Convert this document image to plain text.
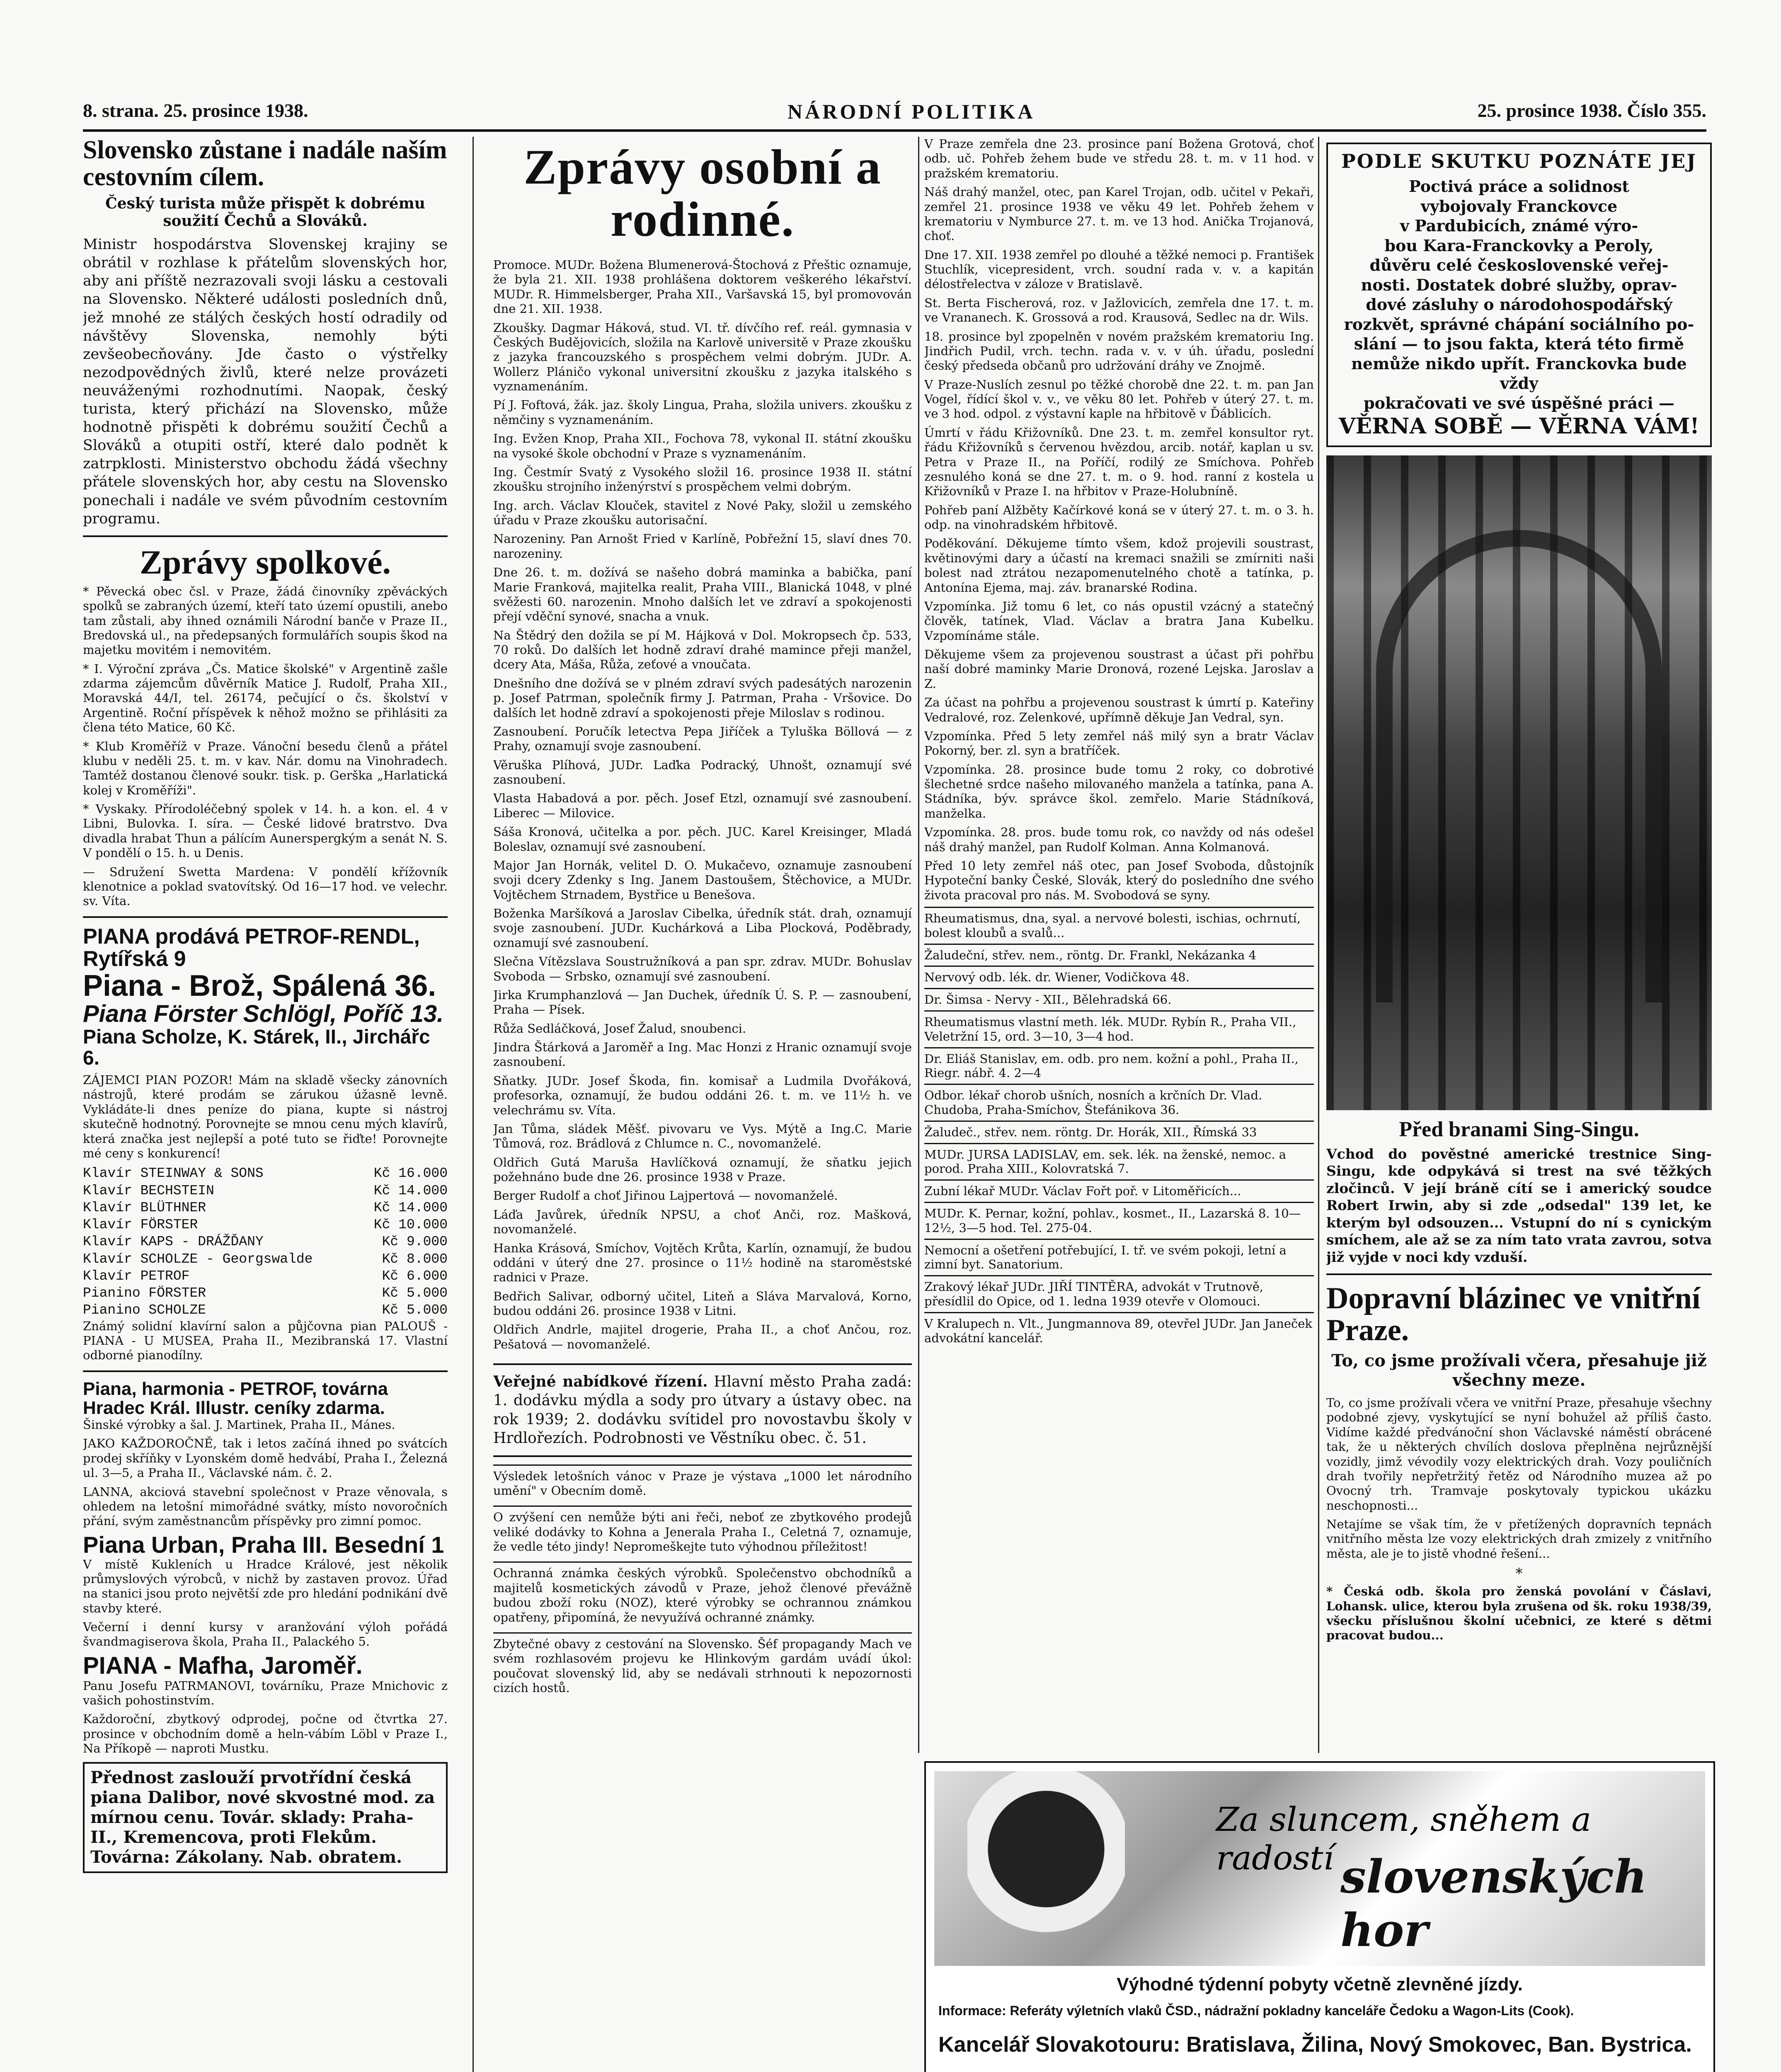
8. strana. 25. prosince 1938.	NÁRODNÍ POLITIKA	25. prosince 1938. Číslo 355.
Slovensko zůstane i nadále naším cestovním cílem.
Český turista může přispět k dobrému soužití Čechů a Slováků.

Ministr hospodárstva Slovenskej krajiny se obrátil v rozhlase k přátelům slovenských hor, aby ani příště nezrazovali svoji lásku a cestovali na Slovensko. Některé události posledních dnů, jež mnohé ze stálých českých hostí odradily od návštěvy Slovenska, nemohly býti zevšeobecňovány. Jde často o výstřelky nezodpovědných živlů, které nelze provázeti neuváženými rozhodnutími. Naopak, český turista, který přichází na Slovensko, může hodnotně přispěti k dobrému soužití Čechů a Slováků a otupiti ostří, které dalo podnět k zatrpklosti. Ministerstvo obchodu žádá všechny přátele slovenských hor, aby cestu na Slovensko ponechali i nadále ve svém původním cestovním programu.

Zprávy spolkové.

* Pěvecká obec čsl. v Praze, žádá činovníky zpěváckých spolků se zabraných území, kteří tato území opustili, anebo tam zůstali, aby ihned oznámili Národní banče v Praze II., Bredovská ul., na předepsaných formulářích soupis škod na majetku movitém i nemovitém.

* I. Výroční zpráva „Čs. Matice školské" v Argentině zašle zdarma zájemcům důvěrník Matice J. Rudolf, Praha XII., Moravská 44/I, tel. 26174, pečující o čs. školství v Argentině. Roční příspěvek k něhož možno se přihlásiti za člena této Matice, 60 Kč.

* Klub Kroměříž v Praze. Vánoční besedu členů a přátel klubu v neděli 25. t. m. v kav. Nár. domu na Vinohradech. Tamtéž dostanou členové soukr. tisk. p. Gerška „Harlatická kolej v Kroměříži".

* Vyskaky. Přírodoléčebný spolek v 14. h. a kon. el. 4 v Libni, Bulovka. I. síra. — České lidové bratrstvo. Dva divadla hrabat Thun a pálícím Aunerspergkým a senát N. S. V pondělí o 15. h. u Denis.

— Sdružení Swetta Mardena: V pondělí křížovník klenotnice a poklad svatovítský. Od 16—17 hod. ve velechr. sv. Víta.

PIANA prodává PETROF-RENDL, Rytířská 9
Piana - Brož, Spálená 36.
Piana Förster Schlögl, Poříč 13.
Piana Scholze, K. Stárek, II., Jirchářc 6.

ZÁJEMCI PIAN POZOR! Mám na skladě všecky zánovních nástrojů, které prodám se zárukou úžasně levně. Vykládáte-li dnes peníze do piana, kupte si nástroj skutečně hodnotný. Porovnejte se mnou cenu mých klavírů, která značka jest nejlepší a poté tuto se řiďte! Porovnejte mé ceny s konkurencí!

Klavír STEINWAY & SONS	Kč 16.000
Klavír BECHSTEIN	Kč 14.000
Klavír BLÜTHNER	Kč 14.000
Klavír FÖRSTER	Kč 10.000
Klavír KAPS - DRÁŽĎANY	Kč 9.000
Klavír SCHOLZE - Georgswalde	Kč 8.000
Klavír PETROF	Kč 6.000
Pianino FÖRSTER	Kč 5.000
Pianino SCHOLZE	Kč 5.000

Známý solidní klavírní salon a půjčovna pian PALOUŠ - PIANA - U MUSEA, Praha II., Mezibranská 17. Vlastní odborné pianodílny.

Piana, harmonia - PETROF, továrna Hradec Král. Illustr. ceníky zdarma.

Šinské výrobky a šal. J. Martinek, Praha II., Mánes.

JAKO KAŽDOROČNĚ, tak i letos začíná ihned po svátcích prodej skříňky v Lyonském domě hedvábí, Praha I., Železná ul. 3—5, a Praha II., Václavské nám. č. 2.

LANNA, akciová stavební společnost v Praze věnovala, s ohledem na letošní mimořádné svátky, místo novoročních přání, svým zaměstnancům příspěvky pro zimní pomoc.

Piana Urban, Praha III. Besední 1

V místě Kukleních u Hradce Králové, jest několik průmyslových výrobců, v nichž by zastaven provoz. Úřad na stanici jsou proto největší zde pro hledání podnikání dvě stavby které.

Večerní i denní kursy v aranžování výloh pořádá švandmagiserova škola, Praha II., Palackého 5.

PIANA - Mafha, Jaroměř.

Panu Josefu PATRMANOVI, továrníku, Praze Mnichovic z vašich pohostinstvím.

Každoroční, zbytkový odprodej, počne od čtvrtka 27. prosince v obchodním domě a heln-vábím Löbl v Praze I., Na Příkopě — naproti Mustku.

Přednost zaslouží prvotřídní česká piana Dalibor, nové skvostné mod. za mírnou cenu. Továr. sklady: Praha-II., Kremencova, proti Flekům. Továrna: Zákolany. Nab. obratem.
Zprávy osobní a rodinné.

Promoce. MUDr. Božena Blumenerová-Štochová z Přeštic oznamuje, že byla 21. XII. 1938 prohlášena doktorem veškerého lékařství. MUDr. R. Himmelsberger, Praha XII., Varšavská 15, byl promovován dne 21. XII. 1938.

Zkoušky. Dagmar Háková, stud. VI. tř. dívčího ref. reál. gymnasia v Českých Budějovicích, složila na Karlově universitě v Praze zkoušku z jazyka francouzského s prospěchem velmi dobrým. JUDr. A. Wollerz Pláničo vykonal universitní zkoušku z jazyka italského s vyznamenáním.

Pí J. Foftová, žák. jaz. školy Lingua, Praha, složila univers. zkoušku z němčiny s vyznamenáním.

Ing. Evžen Knop, Praha XII., Fochova 78, vykonal II. státní zkoušku na vysoké škole obchodní v Praze s vyznamenáním.

Ing. Čestmír Svatý z Vysokého složil 16. prosince 1938 II. státní zkoušku strojního inženýrství s prospěchem velmi dobrým.

Ing. arch. Václav Klouček, stavitel z Nové Paky, složil u zemského úřadu v Praze zkoušku autorisační.

Narozeniny. Pan Arnošt Fried v Karlíně, Pobřežní 15, slaví dnes 70. narozeniny.

Dne 26. t. m. dožívá se našeho dobrá maminka a babička, paní Marie Franková, majitelka realit, Praha VIII., Blanická 1048, v plné svěžesti 60. narozenin. Mnoho dalších let ve zdraví a spokojenosti přejí vděční synové, snacha a vnuk.

Na Štědrý den dožila se pí M. Hájková v Dol. Mokropsech čp. 533, 70 roků. Do dalších let hodně zdraví drahé mamince přeji manžel, dcery Ata, Máša, Růža, zeťové a vnoučata.

Dnešního dne dožívá se v plném zdraví svých padesátých narozenin p. Josef Patrman, společník firmy J. Patrman, Praha - Vršovice. Do dalších let hodně zdraví a spokojenosti přeje Miloslav s rodinou.

Zasnoubení. Poručík letectva Pepa Jiříček a Tyluška Böllová — z Prahy, oznamují svoje zasnoubení.

Věruška Plíhová, JUDr. Laďka Podracký, Uhnošt, oznamují své zasnoubení.

Vlasta Habadová a por. pěch. Josef Etzl, oznamují své zasnoubení. Liberec — Milovice.

Sáša Kronová, učitelka a por. pěch. JUC. Karel Kreisinger, Mladá Boleslav, oznamují své zasnoubení.

Major Jan Hornák, velitel D. O. Mukačevo, oznamuje zasnoubení svoji dcery Zdenky s Ing. Janem Dastoušem, Štěchovice, a MUDr. Vojtěchem Strnadem, Bystřice u Benešova.

Boženka Maršíková a Jaroslav Cibelka, úředník stát. drah, oznamují svoje zasnoubení. JUDr. Kuchárková a Liba Plocková, Poděbrady, oznamují své zasnoubení.

Slečna Vítězslava Soustružníková a pan spr. zdrav. MUDr. Bohuslav Svoboda — Srbsko, oznamují své zasnoubení.

Jirka Krumphanzlová — Jan Duchek, úředník Ú. S. P. — zasnoubení, Praha — Písek.

Růža Sedláčková, Josef Žalud, snoubenci.

Jindra Štárková a Jaroměř a Ing. Mac Honzi z Hranic oznamují svoje zasnoubení.

Sňatky. JUDr. Josef Škoda, fin. komisař a Ludmila Dvořáková, profesorka, oznamují, že budou oddáni 26. t. m. ve 11½ h. ve velechrámu sv. Víta.

Jan Tůma, sládek Měšť. pivovaru ve Vys. Mýtě a Ing.C. Marie Tůmová, roz. Brádlová z Chlumce n. C., novomanželé.

Oldřich Gutá Maruša Havlíčková oznamují, že sňatku jejich požehnáno bude dne 26. prosince 1938 v Praze.

Berger Rudolf a choť Jiřinou Lajpertová — novomanželé.

Láďa Javůrek, úředník NPSU, a choť Anči, roz. Mašková, novomanželé.

Hanka Krásová, Smíchov, Vojtěch Krůta, Karlín, oznamují, že budou oddáni v úterý dne 27. prosince o 11½ hodině na staroměstské radnici v Praze.

Bedřich Salivar, odborný učitel, Liteň a Sláva Marvalová, Korno, budou oddáni 26. prosince 1938 v Litni.

Oldřich Andrle, majitel drogerie, Praha II., a choť Ančou, roz. Pešatová — novomanželé.

Veřejné nabídkové řízení. Hlavní město Praha zadá: 1. dodávku mýdla a sody pro útvary a ústavy obec. na rok 1939; 2. dodávku svítidel pro novostavbu školy v Hrdlořezích. Podrobnosti ve Věstníku obec. č. 51.

Výsledek letošních vánoc v Praze je výstava „1000 let národního umění" v Obecním domě.

O zvýšení cen nemůže býti ani řeči, neboť ze zbytkového prodejů veliké dodávky to Kohna a Jenerala Praha I., Celetná 7, oznamuje, že vedle této jindy! Nepromeškejte tuto výhodnou příležitost!

Ochranná známka českých výrobků. Společenstvo obchodníků a majitelů kosmetických závodů v Praze, jehož členové převážně budou zboží roku (NOZ), které výrobky se ochrannou známkou opatřeny, připomíná, že nevyužívá ochranné známky.

Zbytečné obavy z cestování na Slovensko. Šéf propagandy Mach ve svém rozhlasovém projevu ke Hlinkovým gardám uvádí úkol: poučovat slovenský lid, aby se nedávali strhnouti k nepozornosti cizích hostů.

V Praze zemřela dne 23. prosince paní Božena Grotová, choť odb. uč. Pohřeb žehem bude ve středu 28. t. m. v 11 hod. v pražském krematoriu.

Náš drahý manžel, otec, pan Karel Trojan, odb. učitel v Pekaři, zemřel 21. prosince 1938 ve věku 49 let. Pohřeb žehem v krematoriu v Nymburce 27. t. m. ve 13 hod. Anička Trojanová, choť.

Dne 17. XII. 1938 zemřel po dlouhé a těžké nemoci p. František Stuchlík, vicepresident, vrch. soudní rada v. v. a kapitán délostřelectva v záloze v Bratislavě.

St. Berta Fischerová, roz. v Jažlovicích, zemřela dne 17. t. m. ve Vrananech. K. Grossová a rod. Krausová, Sedlec na dr. Wils.

18. prosince byl zpopelněn v novém pražském krematoriu Ing. Jindřich Pudil, vrch. techn. rada v. v. v úh. úřadu, poslední český předseda občanů pro udržování dráhy ve Znojmě.

V Praze-Nuslích zesnul po těžké chorobě dne 22. t. m. pan Jan Vogel, řídící škol v. v., ve věku 80 let. Pohřeb v úterý 27. t. m. ve 3 hod. odpol. z výstavní kaple na hřbitově v Ďáblicích.

Úmrtí v řádu Křižovníků. Dne 23. t. m. zemřel konsultor ryt. řádu Křižovníků s červenou hvězdou, arcib. notář, kaplan u sv. Petra v Praze II., na Poříčí, rodilý ze Smíchova. Pohřeb zesnulého koná se dne 27. t. m. o 9. hod. ranní z kostela u Křižovníků v Praze I. na hřbitov v Praze-Holubníně.

Pohřeb paní Alžběty Kačírkové koná se v úterý 27. t. m. o 3. h. odp. na vinohradském hřbitově.

Poděkování. Děkujeme tímto všem, kdož projevili soustrast, květinovými dary a účastí na kremaci snažili se zmírniti naši bolest nad ztrátou nezapomenutelného chotě a tatínka, p. Antonína Ejema, maj. záv. branarské Rodina.

Vzpomínka. Již tomu 6 let, co nás opustil vzácný a statečný člověk, tatínek, Vlad. Václav a bratra Jana Kubelku. Vzpomínáme stále.

Děkujeme všem za projevenou soustrast a účast při pohřbu naší dobré maminky Marie Dronová, rozené Lejska. Jaroslav a Z.

Za účast na pohřbu a projevenou soustrast k úmrtí p. Kateřiny Vedralové, roz. Zelenkové, upřímně děkuje Jan Vedral, syn.

Vzpomínka. Před 5 lety zemřel náš milý syn a bratr Václav Pokorný, ber. zl. syn a bratříček.

Vzpomínka. 28. prosince bude tomu 2 roky, co dobrotivé šlechetné srdce našeho milovaného manžela a tatínka, pana A. Stádníka, býv. správce škol. zemřelo. Marie Stádníková, manželka.

Vzpomínka. 28. pros. bude tomu rok, co navždy od nás odešel náš drahý manžel, pan Rudolf Kolman. Anna Kolmanová.

Před 10 lety zemřel náš otec, pan Josef Svoboda, důstojník Hypoteční banky České, Slovák, který do posledního dne svého života pracoval pro nás. M. Svobodová se syny.

Rheumatismus, dna, syal. a nervové bolesti, ischias, ochrnutí, bolest kloubů a svalů...
Žaludeční, střev. nem., röntg. Dr. Frankl, Nekázanka 4
Nervový odb. lék. dr. Wiener, Vodičkova 48.
Dr. Šimsa - Nervy - XII., Bělehradská 66.
Rheumatismus vlastní meth. lék. MUDr. Rybín R., Praha VII., Veletržní 15, ord. 3—10, 3—4 hod.
Dr. Eliáš Stanislav, em. odb. pro nem. kožní a pohl., Praha II., Riegr. nábř. 4. 2—4
Odbor. lékař chorob ušních, nosních a krčních Dr. Vlad. Chudoba, Praha-Smíchov, Štefánikova 36.
Žaludeč., střev. nem. röntg. Dr. Horák, XII., Římská 33
MUDr. JURSA LADISLAV, em. sek. lék. na ženské, nemoc. a porod. Praha XIII., Kolovratská 7.
Zubní lékař MUDr. Václav Fořt poř. v Litoměřicích...
MUDr. K. Pernar, kožní, pohlav., kosmet., II., Lazarská 8. 10—12½, 3—5 hod. Tel. 275-04.
Nemocní a ošetření potřebující, I. tř. ve svém pokoji, letní a zimní byt. Sanatorium.
Zrakový lékař JUDr. JIŘÍ TINTĚRA, advokát v Trutnově, přesídlil do Opice, od 1. ledna 1939 otevře v Olomouci.
V Kralupech n. Vlt., Jungmannova 89, otevřel JUDr. Jan Janeček advokátní kancelář.
PODLE SKUTKU POZNÁTE JEJ
Poctivá práce a solidnost
vybojovaly Franckovce
v Pardubicích, známé výro-
bou Kara-Franckovky a Peroly,
důvěru celé československé veřej-
nosti. Dostatek dobré služby, oprav-
dové zásluhy o národohospodářský
rozkvět, správné chápání sociálního po-
slání — to jsou fakta, která této firmě
nemůže nikdo upřít. Franckovka bude vždy
pokračovati ve své úspěšné práci —
VĚRNA SOBĚ — VĚRNA VÁM!
Před branami Sing-Singu.

Vchod do pověstné americké trestnice Sing-Singu, kde odpykává si trest na své těžkých zločinců. V její bráně cítí se i americký soudce Robert Irwin, aby si zde „odsedal" 139 let, ke kterým byl odsouzen... Vstupní do ní s cynickým smíchem, ale až se za ním tato vrata zavrou, sotva již vyjde v noci kdy vzduší.

Dopravní blázinec ve vnitřní Praze.
To, co jsme prožívali včera, přesahuje již všechny meze.

To, co jsme prožívali včera ve vnitřní Praze, přesahuje všechny podobné zjevy, vyskytující se nyní bohužel až příliš často. Vidíme každé předvánoční shon Václavské náměstí obrácené tak, že u některých chvílích doslova přeplněna nejrůznější vozidly, jimž vévodily vozy elektrických drah. Vozy pouličních drah tvořily nepřetržitý řetěz od Národního muzea až po Ovocný trh. Tramvaje poskytovaly typickou ukázku neschopnosti...

Netajíme se však tím, že v přetížených dopravních tepnách vnitřního města lze vozy elektrických drah zmizely z vnitřního města, ale je to jistě vhodné řešení...

*

* Česká odb. škola pro ženská povolání v Čáslavi, Lohansk. ulice, kterou byla zrušena od šk. roku 1938/39, všecku příslušnou školní učebnici, ze které s dětmi pracovat budou...

Za sluncem, sněhem a radostí slovenských hor
Výhodné týdenní pobyty včetně zlevněné jízdy.
Informace: Referáty výletních vlaků ČSD., nádražní pokladny kanceláře Čedoku a Wagon-Lits (Cook).
Kancelář Slovakotouru: Bratislava, Žilina, Nový Smokovec, Ban. Bystrica.
